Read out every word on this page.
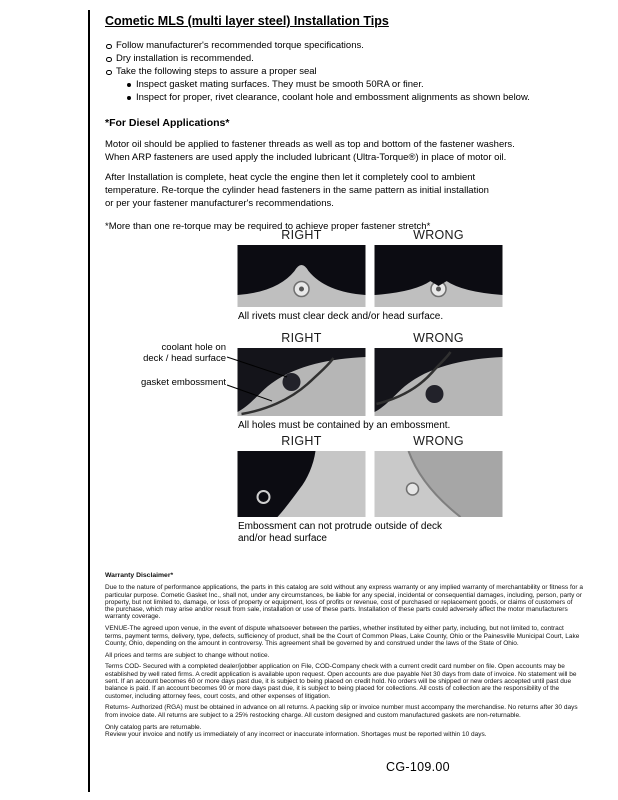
Cometic MLS (multi layer steel) Installation Tips
Follow manufacturer's recommended torque specifications.
Dry installation is recommended.
Take the following steps to assure a proper seal
Inspect gasket mating surfaces. They must be smooth 50RA or finer.
Inspect for proper, rivet clearance, coolant hole and embossment alignments as shown below.
*For Diesel Applications*
Motor oil should be applied to fastener threads as well as top and bottom of the fastener washers.
When ARP fasteners are used apply the included lubricant (Ultra-Torque®) in place of motor oil.
After Installation is complete, heat cycle the engine then let it completely cool to ambient
temperature. Re-torque the cylinder head fasteners in the same pattern as initial installation
or per your fastener manufacturer's recommendations.
*More than one re-torque may be required to achieve proper fastener stretch*
RIGHT	WRONG
All rivets must clear deck and/or head surface.
RIGHT	WRONG
All holes must be contained by an embossment.
RIGHT	WRONG
Embossment can not protrude outside of deck
and/or head surface
coolant hole on
deck / head surface
gasket embossment
Warranty Disclaimer*

Due to the nature of performance applications, the parts in this catalog are sold without any express warranty or any implied warranty of merchantability or fitness for a particular purpose. Cometic Gasket Inc., shall not, under any circumstances, be liable for any special, incidental or consequential damages, including, person, party or property, but not limited to, damage, or loss of property or equipment, loss of profits or revenue, cost of purchased or replacement goods, or claims of customers of the purchase, which may arise and/or result from sale, installation or use of these parts. Installation of these parts could adversely affect the motor manufacturers warranty coverage.

VENUE-The agreed upon venue, in the event of dispute whatsoever between the parties, whether instituted by either party, including, but not limited to, contract terms, payment terms, delivery, type, defects, sufficiency of product, shall be the Court of Common Pleas, Lake County, Ohio or the Painesville Municipal Court, Lake County, Ohio, depending on the amount in controversy. This agreement shall be governed by and construed under the laws of the State of Ohio.

All prices and terms are subject to change without notice.

Terms COD- Secured with a completed dealer/jobber application on File, COD-Company check with a current credit card number on file. Open accounts may be established by well rated firms. A credit application is available upon request. Open accounts are due payable Net 30 days from date of invoice. No statement will be sent. If an account becomes 60 or more days past due, it is subject to being placed on credit hold. No orders will be shipped or new orders accepted until past due balance is paid. If an account becomes 90 or more days past due, it is subject to being placed for collections. All costs of collection are the responsibility of the customer, including attorney fees, court costs, and other expenses of litigation.

Returns- Authorized (RGA) must be obtained in advance on all returns. A packing slip or invoice number must accompany the merchandise. No returns after 30 days from invoice date. All returns are subject to a 25% restocking charge. All custom designed and custom manufactured gaskets are non-returnable.

Only catalog parts are returnable.

Review your invoice and notify us immediately of any incorrect or inaccurate information. Shortages must be reported within 10 days.

CG-109.00
